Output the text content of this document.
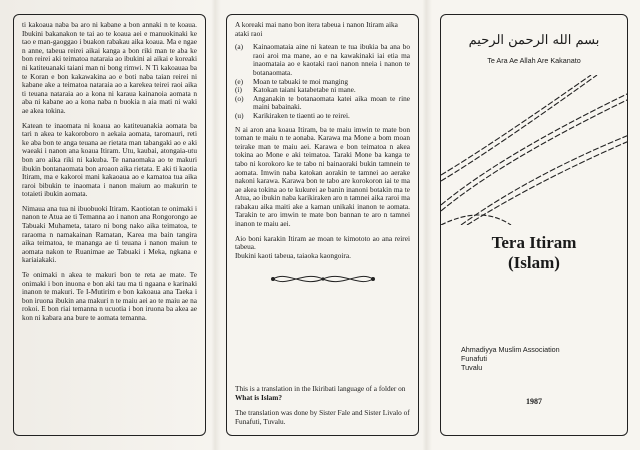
ti kakoaua naba ba aro ni kabane a bon annaki n te koaua. Ibukini bakanakon te tai ao te koaua aei e manuokinaki ke tao e man-gaoggao i buakon rabakau aika koaua. Ma e ngae n anne, tabeua reirei aikai kanga a bon riki man te aba ke bon reirei aki teimatoa nataraia ao ibukini ai aikai e koreaki ni katiteuanaki taiani man ni bong rimwi. N Ti kakoauaa ba te Koran e bon kakawakina ao e boti naba taian reirei ni kabane ake a teimatoa nataraia ao a karekea teirei raoi aika ti teuana nataraia ao a kona ni karaua kainanoia aomata n aba ni kabane ao a kona naba n buokia n aia mati ni waki ae akea tokina.

Katean te inaomata ni koaua ao katiteuanakia aomata ba tari n akea te kakoroboro n aekaia aomata, taromauri, reti ke aba bon te anga teuana ae rietata man tabangaki ao e aki waeaki i nanon ana koaua Itiram. Utu, kaubai, atongaia-utu bon aro aika riki ni kakuba. Te nanaomaka ao te makuri ibukin bontanaomata bon aroaon aika rietata. E aki ti kaotia Itiram, ma e kakoroi mani kakaoaua ao e kamatoa tua aika raroi bibukin te inaomata i nanon maium ao makurin te totaieti ibukin aomata.

Nimaua ana tua ni ibuobuoki Itiram. Kaotiotan te onimaki i nanon te Atua ae ti Temanna ao i nanon ana Rongorongo ae Tabuaki Muhameta, tataro ni bong nako aika teimatoa, te raraoma n namakainan Ramatan, Karea ma bain tangira aika teimatoa, te mananga ae ti teuana i nanon maiun te aomata nakon te Ruanimae ae Tabuaki i Meka, ngkana e kariaiakaki.

Te onimaki n akea te makuri bon te reta ae mate. Te onimaki i bon inuona e bon aki tau ma ti ngaana e karinaki inanon te makuri. Te I-Mutirim e bon kakoaua ana Taeka i bon iruona ibukin ana makuri n te maiu aei ao te maiu ae na rokoi. E bon riai temanna n ucuotia i bon iruona ba akea ae kon ni kabara ana bure te aomata temanna.

A koreaki mai nano bon itera tabeua i nanon Itiram aika ataki raoi

(a)	Kainaomataia aine ni katean te tua ibukia ba ana bo raoi aroi ma mane, ao e na kawakinaki iai etia ma inaomataia ao e kaotaki raoi nanon nneia i nanon te botanaomata.
(e)	Moan te tabuaki te moi manging
(i)	Katokan taiani katabetabe ni mane.
(o)	Anganakin te botanaomata katei aika moan te rine maini babainaki.
(u)	Karikiraken te tiaenti ao te reirei.

N ai aron ana koaua Itiram, ba te maiu imwin te mate bon toman te maiu n te aonaba. Karawa ma Mone a bom moan teirake man te maiu aei. Karawa e bon teimatoa n akea tokina ao Mone e aki teimatoa. Taraki Mone ba kanga te tabo ni korokoro ke te tabo ni bainaoraki bukin tamnein te aomata. Imwin naba katokan aorakin te tamnei ao aerake nakoni karawa. Karawa bon te tabo are korokoron iai te ma ae akea tokina ao te kukurei ae banin inanoni botakin ma te Atua, ao ibukin naba karikiraken aro n tamnei aika raroi ma rabakau aika maiti ake a kaman unikaki inanon te aomata. Tarakin te aro imwin te mate bon bannan te aro n tamnei inanon te maiu aei.

Aio boni karakin Itiram ae moan te kimototo ao ana reirei tabeua.
Ibukini kaoti tabeua, taiaoka kaongoira.

This is a translation in the Ikiribati language of a folder on What is Islam?
The translation was done by Sister Fale and Sister Livalo of Funafuti, Tuvalu.
بسم الله الرحمن الرحيم
Te Ara Ae Allah Are Kakanato
Tera Itiram
(Islam)
Ahmadiyya Muslim Association
Funafuti
Tuvalu
1987
